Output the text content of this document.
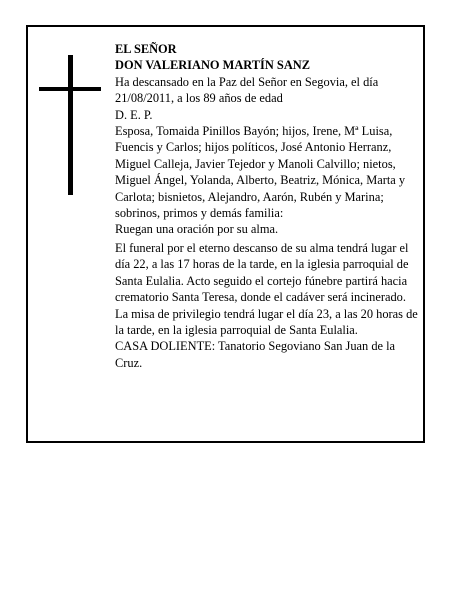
EL SEÑOR

DON VALERIANO MARTÍN SANZ

Ha descansado en la Paz del Señor en Segovia, el día 21/08/2011, a los 89 años de edad

D. E. P.

Esposa, Tomaida Pinillos Bayón; hijos, Irene, Mª Luisa, Fuencis y Carlos; hijos políticos, José Antonio Herranz, Miguel Calleja, Javier Tejedor y Manoli Calvillo; nietos, Miguel Ángel, Yolanda, Alberto, Beatriz, Mónica, Marta y Carlota; bisnietos, Alejandro, Aarón, Rubén y Marina; sobrinos, primos y demás familia:

Ruegan una oración por su alma.

El funeral por el eterno descanso de su alma tendrá lugar el día 22, a las 17 horas de la tarde, en la iglesia parroquial de Santa Eulalia. Acto seguido el cortejo fúnebre partirá hacia crematorio Santa Teresa, donde el cadáver será incinerado. La misa de privilegio tendrá lugar el día 23, a las 20 horas de la tarde, en la iglesia parroquial de Santa Eulalia.

CASA DOLIENTE: Tanatorio Segoviano San Juan de la Cruz.
